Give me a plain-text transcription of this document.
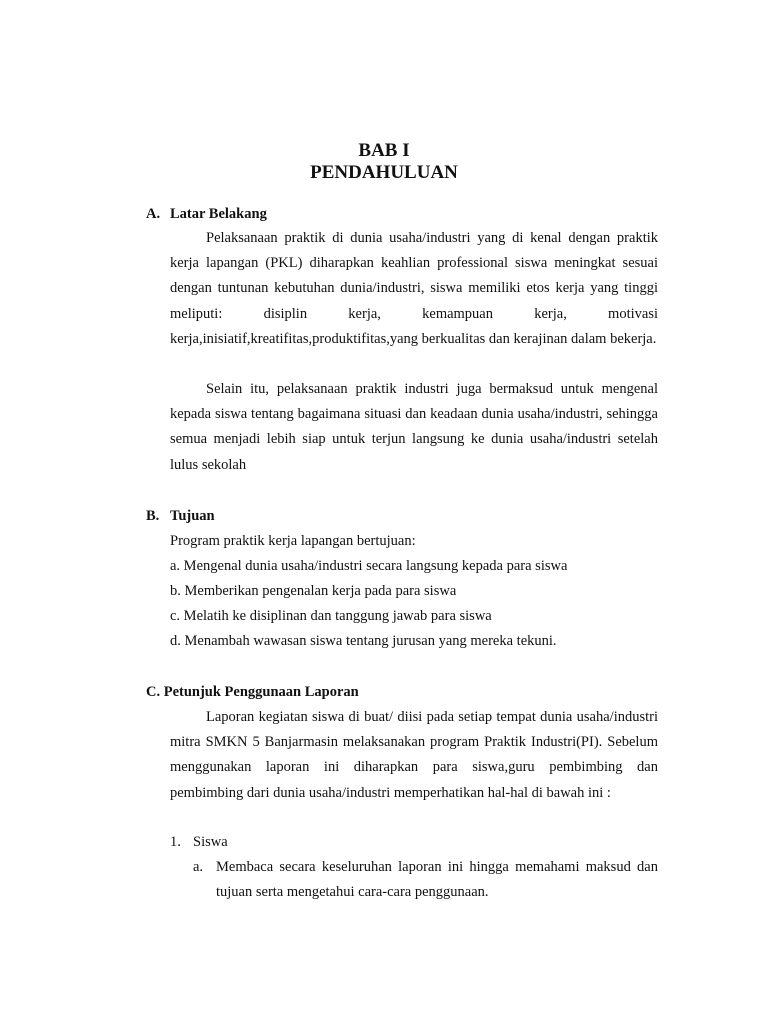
BAB I
PENDAHULUAN
A. Latar Belakang

Pelaksanaan praktik di dunia usaha/industri yang di kenal dengan praktik kerja lapangan (PKL) diharapkan keahlian professional siswa meningkat sesuai dengan tuntunan kebutuhan dunia/industri, siswa memiliki etos kerja yang tinggi meliputi: disiplin kerja, kemampuan kerja, motivasi kerja,inisiatif,kreatifitas,produktifitas,yang berkualitas dan kerajinan dalam bekerja.

Selain itu, pelaksanaan praktik industri juga bermaksud untuk mengenal kepada siswa tentang bagaimana situasi dan keadaan dunia usaha/industri, sehingga semua menjadi lebih siap untuk terjun langsung ke dunia usaha/industri setelah lulus sekolah

B. Tujuan
Program praktik kerja lapangan bertujuan:
a. Mengenal dunia usaha/industri secara langsung kepada para siswa
b. Memberikan pengenalan kerja pada para siswa
c. Melatih ke disiplinan dan tanggung jawab para siswa
d. Menambah wawasan siswa tentang jurusan yang mereka tekuni.
C. Petunjuk Penggunaan Laporan

Laporan kegiatan siswa di buat/ diisi pada setiap tempat dunia usaha/industri mitra SMKN 5 Banjarmasin melaksanakan program Praktik Industri(PI). Sebelum menggunakan laporan ini diharapkan para siswa,guru pembimbing dan pembimbing dari dunia usaha/industri memperhatikan hal-hal di bawah ini :

1. Siswa
a. Membaca secara keseluruhan laporan ini hingga memahami maksud dan tujuan serta mengetahui cara-cara penggunaan.
